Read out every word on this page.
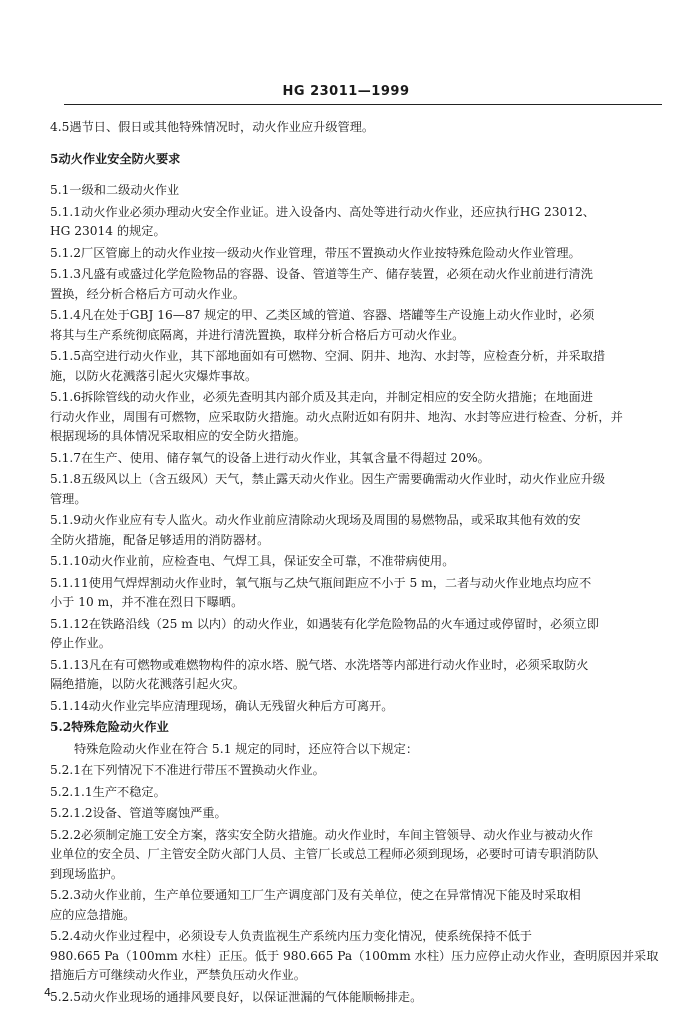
HG 23011—1999
4.5遇节日、假日或其他特殊情况时，动火作业应升级管理。
5动火作业安全防火要求
5.1一级和二级动火作业
5.1.1动火作业必须办理动火安全作业证。进入设备内、高处等进行动火作业，还应执行HG 23012、
HG 23014 的规定。
5.1.2厂区管廊上的动火作业按一级动火作业管理，带压不置换动火作业按特殊危险动火作业管理。
5.1.3凡盛有或盛过化学危险物品的容器、设备、管道等生产、储存装置，必须在动火作业前进行清洗
置换，经分析合格后方可动火作业。
5.1.4凡在处于GBJ 16—87 规定的甲、乙类区域的管道、容器、塔罐等生产设施上动火作业时，必须
将其与生产系统彻底隔离，并进行清洗置换，取样分析合格后方可动火作业。
5.1.5高空进行动火作业，其下部地面如有可燃物、空洞、阴井、地沟、水封等，应检查分析，并采取措
施，以防火花溅落引起火灾爆炸事故。
5.1.6拆除管线的动火作业，必须先查明其内部介质及其走向，并制定相应的安全防火措施；在地面进
行动火作业，周围有可燃物，应采取防火措施。动火点附近如有阴井、地沟、水封等应进行检查、分析，并
根据现场的具体情况采取相应的安全防火措施。
5.1.7在生产、使用、储存氧气的设备上进行动火作业，其氧含量不得超过 20%。
5.1.8五级风以上（含五级风）天气，禁止露天动火作业。因生产需要确需动火作业时，动火作业应升级
管理。
5.1.9动火作业应有专人监火。动火作业前应清除动火现场及周围的易燃物品，或采取其他有效的安
全防火措施，配备足够适用的消防器材。
5.1.10动火作业前，应检查电、气焊工具，保证安全可靠，不准带病使用。
5.1.11使用气焊焊割动火作业时，氧气瓶与乙炔气瓶间距应不小于 5 m，二者与动火作业地点均应不
小于 10 m，并不准在烈日下曝晒。
5.1.12在铁路沿线（25 m 以内）的动火作业，如遇装有化学危险物品的火车通过或停留时，必须立即
停止作业。
5.1.13凡在有可燃物或难燃物构件的凉水塔、脱气塔、水洗塔等内部进行动火作业时，必须采取防火
隔绝措施，以防火花溅落引起火灾。
5.1.14动火作业完毕应清理现场，确认无残留火种后方可离开。
5.2特殊危险动火作业
特殊危险动火作业在符合 5.1 规定的同时，还应符合以下规定：
5.2.1在下列情况下不准进行带压不置换动火作业。
5.2.1.1生产不稳定。
5.2.1.2设备、管道等腐蚀严重。
5.2.2必须制定施工安全方案，落实安全防火措施。动火作业时，车间主管领导、动火作业与被动火作
业单位的安全员、厂主管安全防火部门人员、主管厂长或总工程师必须到现场，必要时可请专职消防队
到现场监护。
5.2.3动火作业前，生产单位要通知工厂生产调度部门及有关单位，使之在异常情况下能及时采取相
应的应急措施。
5.2.4动火作业过程中，必须设专人负责监视生产系统内压力变化情况，使系统保持不低于
980.665 Pa（100mm 水柱）正压。低于 980.665 Pa（100mm 水柱）压力应停止动火作业，查明原因并采取
措施后方可继续动火作业，严禁负压动火作业。
5.2.5动火作业现场的通排风要良好，以保证泄漏的气体能顺畅排走。
4
